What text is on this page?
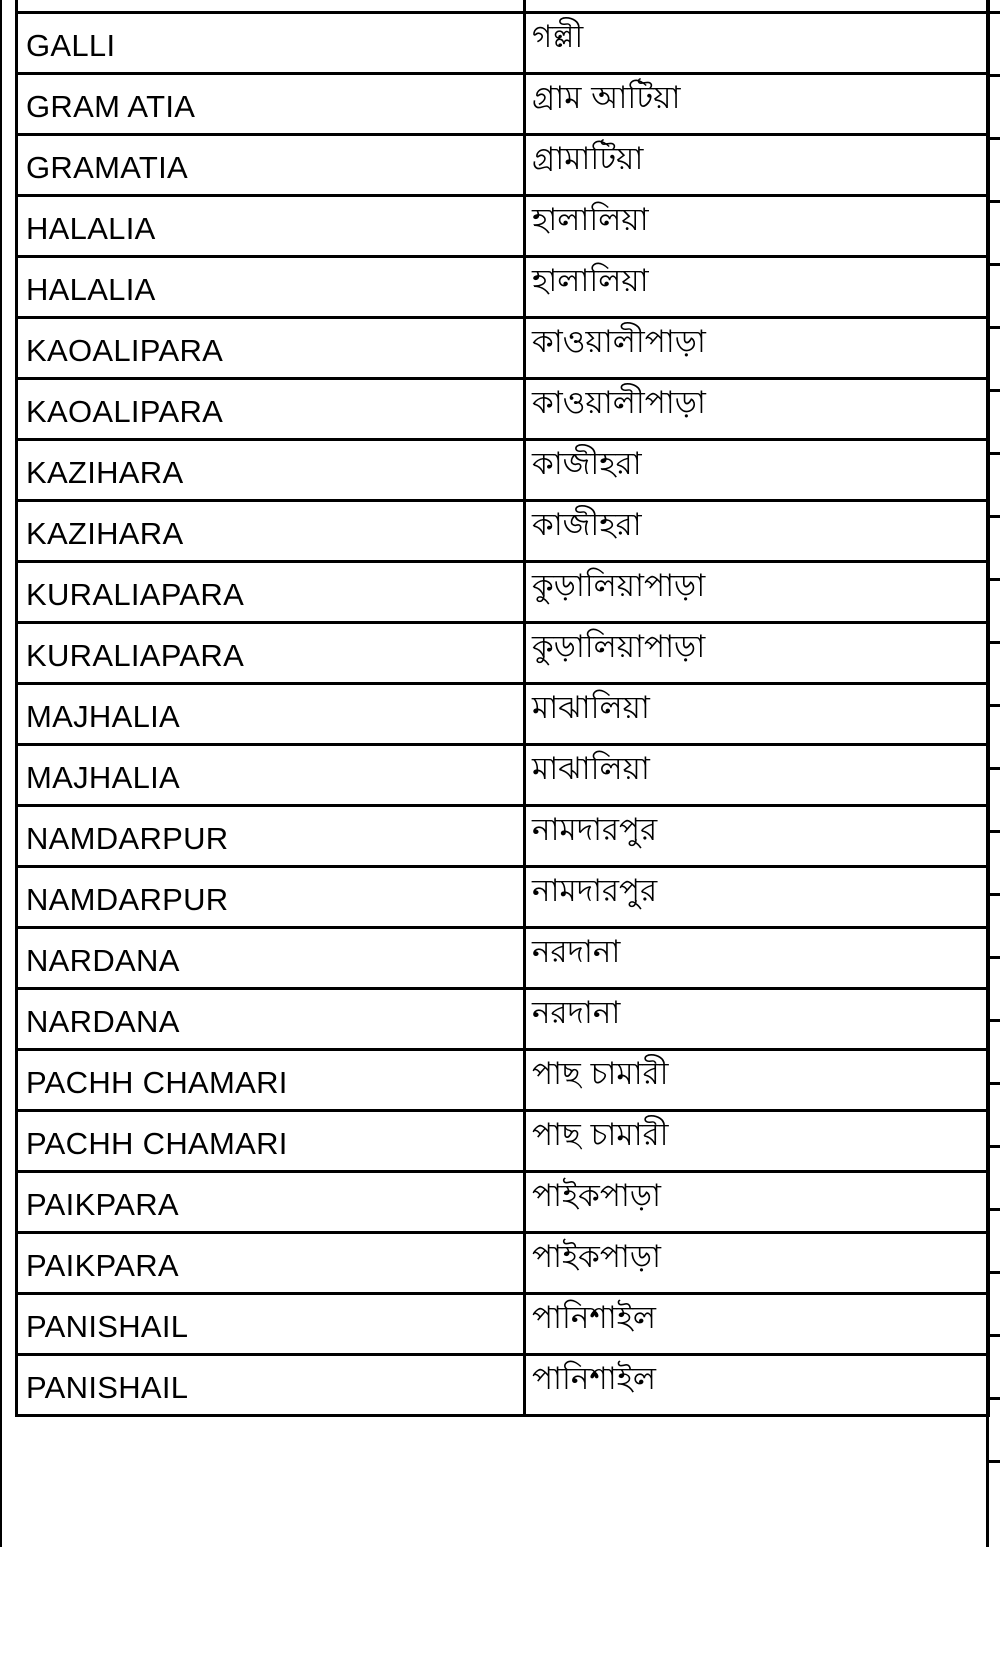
GALLI	গল্লী
GRAM ATIA	গ্রাম আটিয়া
GRAMATIA	গ্রামাটিয়া
HALALIA	হালালিয়া
HALALIA	হালালিয়া
KAOALIPARA	কাওয়ালীপাড়া
KAOALIPARA	কাওয়ালীপাড়া
KAZIHARA	কাজীহরা
KAZIHARA	কাজীহরা
KURALIAPARA	কুড়ালিয়াপাড়া
KURALIAPARA	কুড়ালিয়াপাড়া
MAJHALIA	মাঝালিয়া
MAJHALIA	মাঝালিয়া
NAMDARPUR	নামদারপুর
NAMDARPUR	নামদারপুর
NARDANA	নরদানা
NARDANA	নরদানা
PACHH CHAMARI	পাছ চামারী
PACHH CHAMARI	পাছ চামারী
PAIKPARA	পাইকপাড়া
PAIKPARA	পাইকপাড়া
PANISHAIL	পানিশাইল
PANISHAIL	পানিশাইল
